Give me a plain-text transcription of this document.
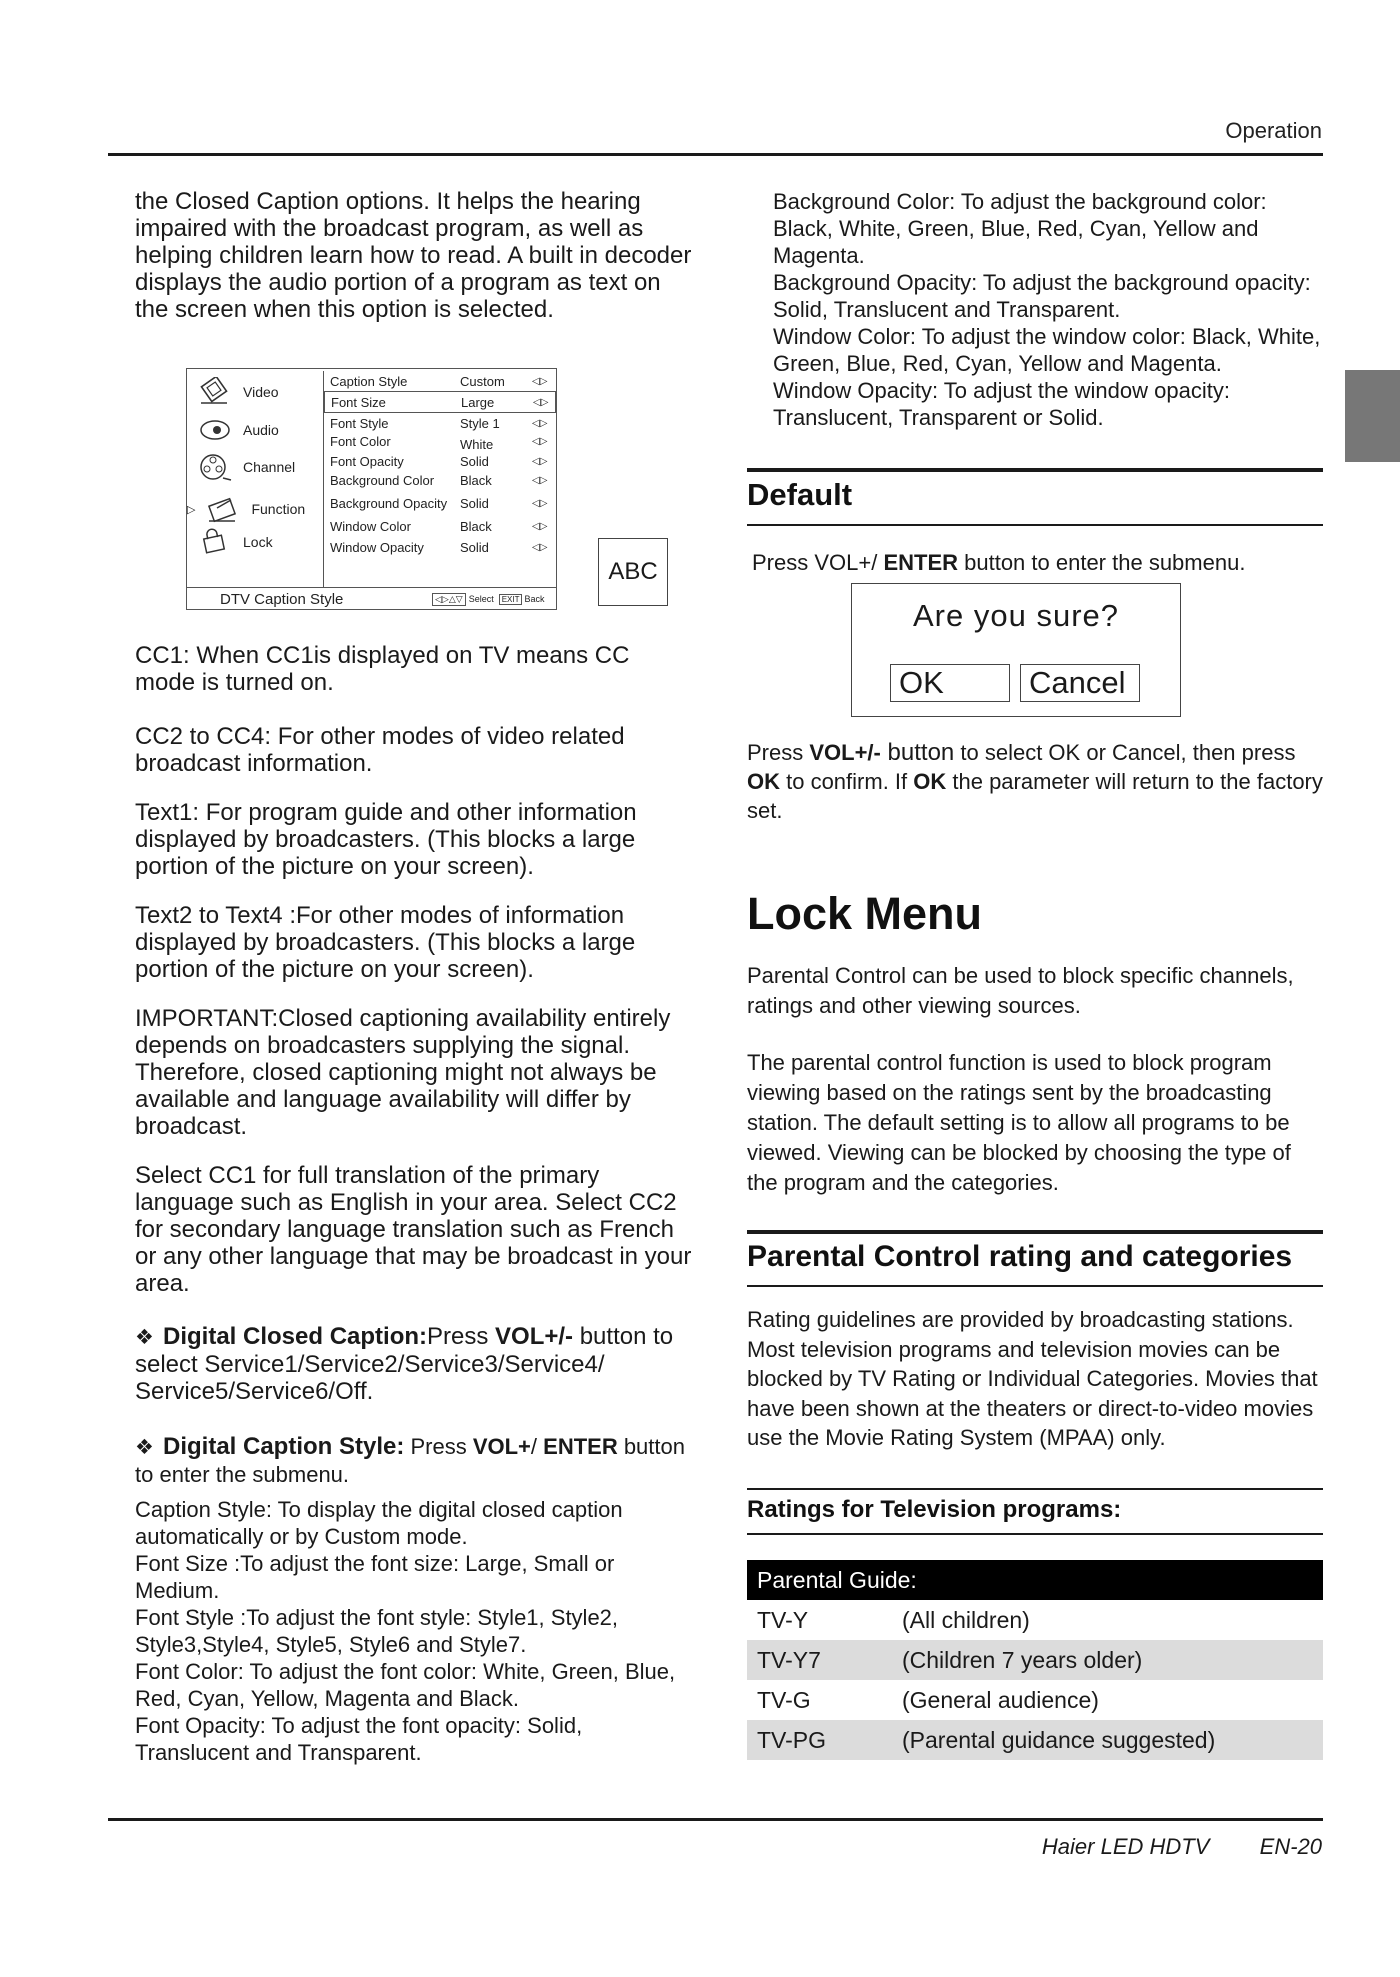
Operation

the Closed Caption options. It helps the hearing impaired with the broadcast program, as well as helping children learn how to read. A built in decoder displays the audio portion of a program as text on the screen when this option is selected.

Video
Audio
Channel
▷	Function
Lock
Caption Style	Custom	◁▷
Font Size	Large	◁▷
Font Style	Style 1	◁▷
Font Color	White	◁▷
Font Opacity	Solid	◁▷
Background Color	Black	◁▷
Background Opacity Solid	◁▷
Window Color	Black	◁▷
Window Opacity	Solid	◁▷
DTV Caption Style	◁▷△▽ Select	EXIT Back
ABC

CC1: When CC1is displayed on TV means CC mode is turned on.

CC2 to CC4: For other modes of video related broadcast information.

Text1: For program guide and other information displayed by broadcasters. (This blocks a large portion of the picture on your screen).

Text2 to Text4 :For other modes of information displayed by broadcasters. (This blocks a large portion of the picture on your screen).

IMPORTANT:Closed captioning availability entirely depends on broadcasters supplying the signal. Therefore, closed captioning might not always be available and language availability will differ by broadcast.

Select CC1 for full translation of the primary language such as English in your area. Select CC2 for secondary language translation such as French or any other language that may be broadcast in your area.

❖ Digital Closed Caption:Press VOL+/- button to select Service1/Service2/Service3/Service4/ Service5/Service6/Off.

❖ Digital Caption Style: Press VOL+/ ENTER button to enter the submenu.

Caption Style: To display the digital closed caption automatically or by Custom mode.
Font Size :To adjust the font size: Large, Small or Medium.
Font Style :To adjust the font style: Style1, Style2, Style3,Style4, Style5, Style6 and Style7.
Font Color: To adjust the font color: White, Green, Blue, Red, Cyan, Yellow, Magenta and Black.
Font Opacity: To adjust the font opacity: Solid, Translucent and Transparent.
Background Color: To adjust the background color: Black, White, Green, Blue, Red, Cyan, Yellow and Magenta.
Background Opacity: To adjust the background opacity: Solid, Translucent and Transparent.
Window Color: To adjust the window color: Black, White, Green, Blue, Red, Cyan, Yellow and Magenta.
Window Opacity: To adjust the window opacity: Translucent, Transparent or Solid.
Default
Press VOL+/ ENTER button to enter the submenu.
Are you sure?
OK	Cancel
Press VOL+/- button to select OK or Cancel, then press OK to confirm. If OK the parameter will return to the factory set.
Lock Menu
Parental Control can be used to block specific channels, ratings and other viewing sources.
The parental control function is used to block program viewing based on the ratings sent by the broadcasting station. The default setting is to allow all programs to be viewed. Viewing can be blocked by choosing the type of the program and the categories.
Parental Control rating and categories
Rating guidelines are provided by broadcasting stations. Most television programs and television movies can be blocked by TV Rating or Individual Categories. Movies that have been shown at the theaters or direct-to-video movies use the Movie Rating System (MPAA) only.
Ratings for Television programs:
Parental Guide:
TV-Y	(All children)
TV-Y7	(Children 7 years older)
TV-G	(General audience)
TV-PG	(Parental guidance suggested)
Haier LED HDTV EN-20
